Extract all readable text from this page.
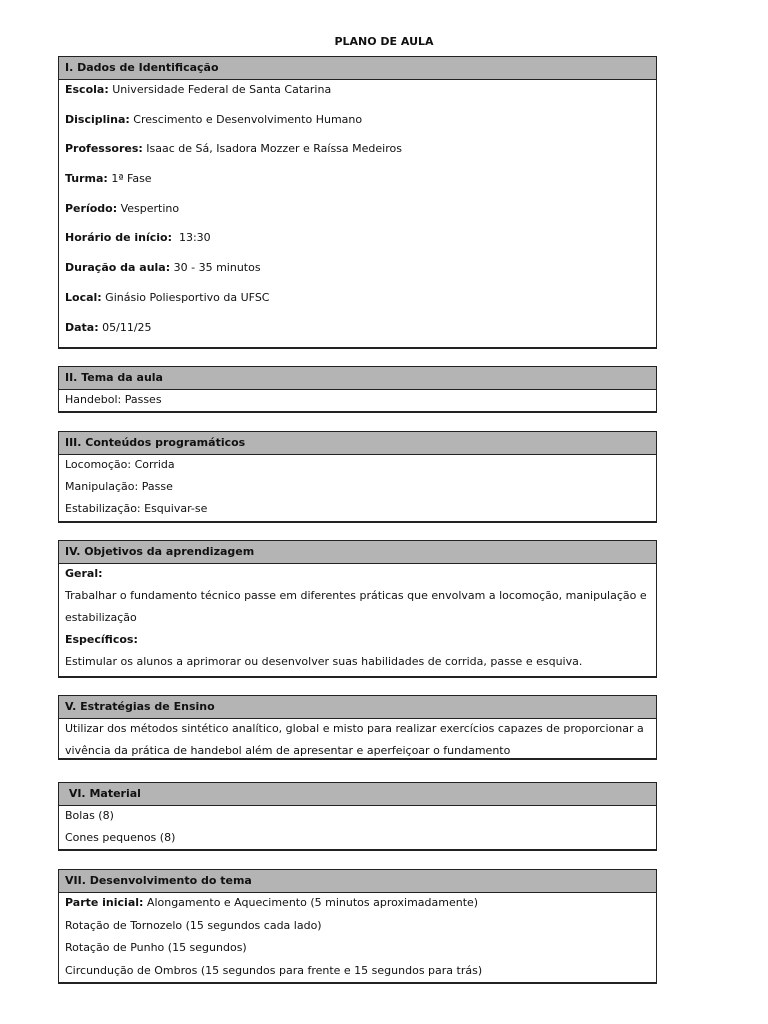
PLANO DE AULA
I. Dados de Identificação
Escola: Universidade Federal de Santa Catarina
Disciplina: Crescimento e Desenvolvimento Humano
Professores: Isaac de Sá, Isadora Mozzer e Raíssa Medeiros
Turma: 1ª Fase
Período: Vespertino
Horário de início:  13:30
Duração da aula: 30 - 35 minutos
Local: Ginásio Poliesportivo da UFSC
Data: 05/11/25
II. Tema da aula
Handebol: Passes
III. Conteúdos programáticos
Locomoção: Corrida
Manipulação: Passe
Estabilização: Esquivar-se
IV. Objetivos da aprendizagem
Geral:
Trabalhar o fundamento técnico passe em diferentes práticas que envolvam a locomoção, manipulação e
estabilização
Específicos:
Estimular os alunos a aprimorar ou desenvolver suas habilidades de corrida, passe e esquiva.
V. Estratégias de Ensino
Utilizar dos métodos sintético analítico, global e misto para realizar exercícios capazes de proporcionar a
vivência da prática de handebol além de apresentar e aperfeiçoar o fundamento
VI. Material
Bolas (8)
Cones pequenos (8)
VII. Desenvolvimento do tema
Parte inicial: Alongamento e Aquecimento (5 minutos aproximadamente)
Rotação de Tornozelo (15 segundos cada lado)
Rotação de Punho (15 segundos)
Circundução de Ombros (15 segundos para frente e 15 segundos para trás)
